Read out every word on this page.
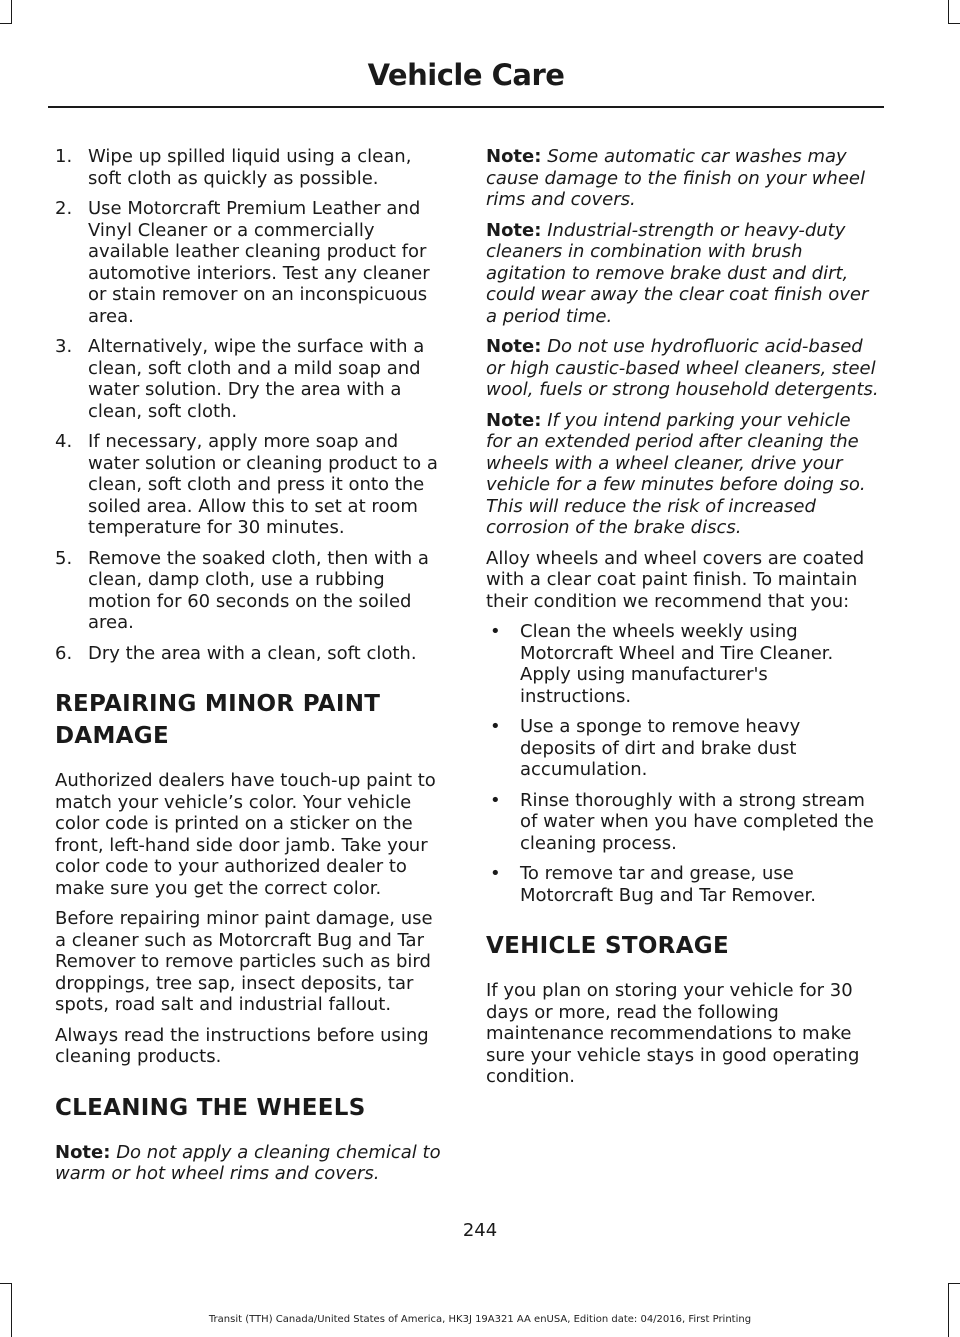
Vehicle Care
1. Wipe up spilled liquid using a clean, soft cloth as quickly as possible.
2. Use Motorcraft Premium Leather and Vinyl Cleaner or a commercially available leather cleaning product for automotive interiors. Test any cleaner or stain remover on an inconspicuous area.
3. Alternatively, wipe the surface with a clean, soft cloth and a mild soap and water solution. Dry the area with a clean, soft cloth.
4. If necessary, apply more soap and water solution or cleaning product to a clean, soft cloth and press it onto the soiled area. Allow this to set at room temperature for 30 minutes.
5. Remove the soaked cloth, then with a clean, damp cloth, use a rubbing motion for 60 seconds on the soiled area.
6. Dry the area with a clean, soft cloth.
REPAIRING MINOR PAINT DAMAGE

Authorized dealers have touch-up paint to match your vehicle’s color. Your vehicle color code is printed on a sticker on the front, left-hand side door jamb. Take your color code to your authorized dealer to make sure you get the correct color.

Before repairing minor paint damage, use a cleaner such as Motorcraft Bug and Tar Remover to remove particles such as bird droppings, tree sap, insect deposits, tar spots, road salt and industrial fallout.

Always read the instructions before using cleaning products.

CLEANING THE WHEELS

Note: Do not apply a cleaning chemical to warm or hot wheel rims and covers.

Note: Some automatic car washes may cause damage to the finish on your wheel rims and covers.

Note: Industrial-strength or heavy-duty cleaners in combination with brush agitation to remove brake dust and dirt, could wear away the clear coat finish over a period time.

Note: Do not use hydrofluoric acid-based or high caustic-based wheel cleaners, steel wool, fuels or strong household detergents.

Note: If you intend parking your vehicle for an extended period after cleaning the wheels with a wheel cleaner, drive your vehicle for a few minutes before doing so. This will reduce the risk of increased corrosion of the brake discs.

Alloy wheels and wheel covers are coated with a clear coat paint finish. To maintain their condition we recommend that you:

• Clean the wheels weekly using Motorcraft Wheel and Tire Cleaner. Apply using manufacturer's instructions.
• Use a sponge to remove heavy deposits of dirt and brake dust accumulation.
• Rinse thoroughly with a strong stream of water when you have completed the cleaning process.
• To remove tar and grease, use Motorcraft Bug and Tar Remover.
VEHICLE STORAGE

If you plan on storing your vehicle for 30 days or more, read the following maintenance recommendations to make sure your vehicle stays in good operating condition.

244
Transit (TTH) Canada/United States of America, HK3J 19A321 AA enUSA, Edition date: 04/2016, First Printing
